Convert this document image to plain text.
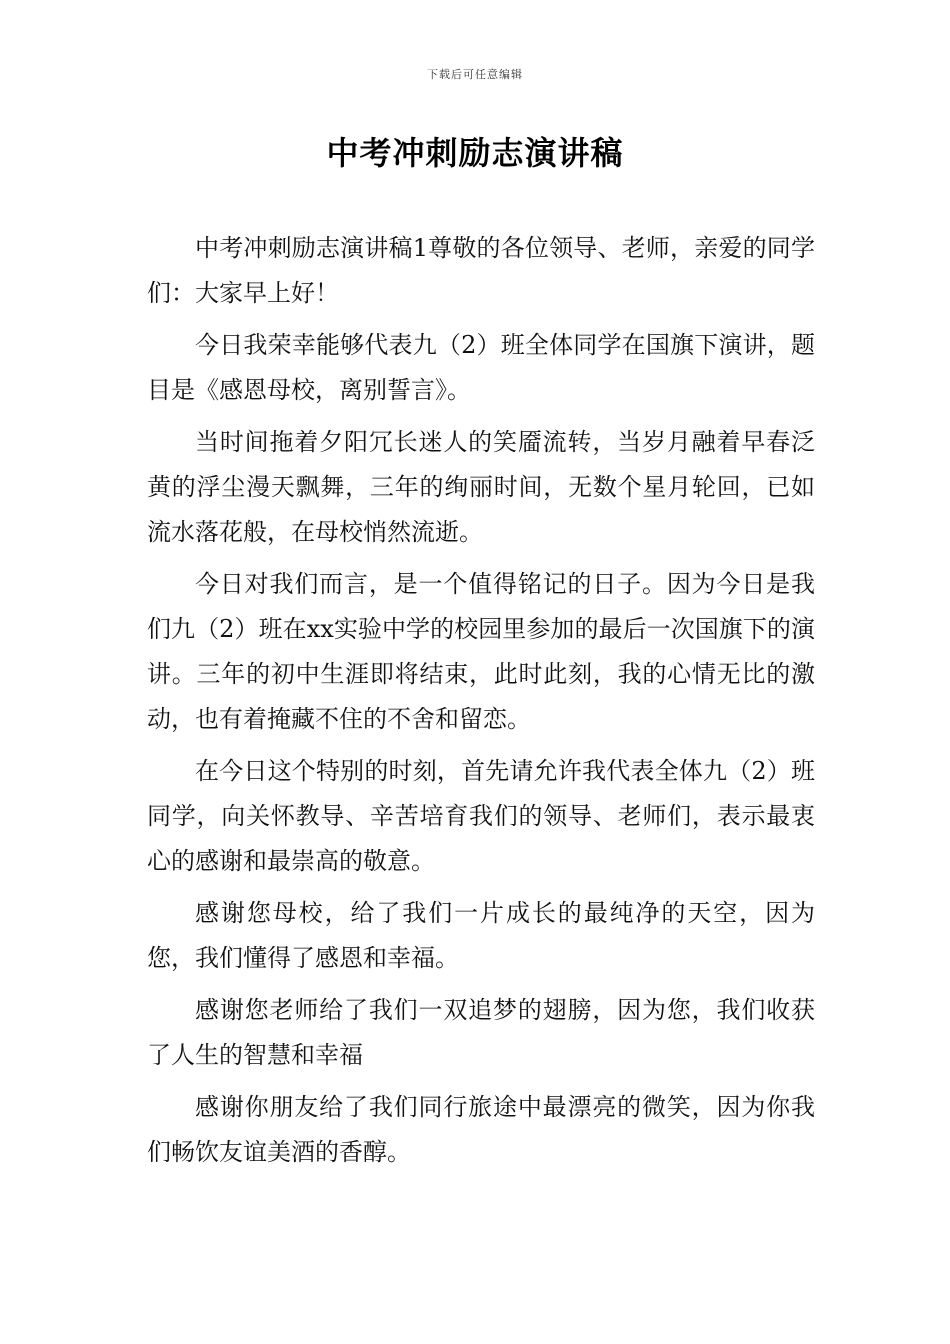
下载后可任意编辑
中考冲刺励志演讲稿

中考冲刺励志演讲稿1尊敬的各位领导、老师，亲爱的同学们：大家早上好！

今日我荣幸能够代表九（2）班全体同学在国旗下演讲，题目是《感恩母校，离别誓言》。

当时间拖着夕阳冗长迷人的笑靥流转，当岁月融着早春泛黄的浮尘漫天飘舞，三年的绚丽时间，无数个星月轮回，已如流水落花般，在母校悄然流逝。

今日对我们而言，是一个值得铭记的日子。因为今日是我们九（2）班在xx实验中学的校园里参加的最后一次国旗下的演讲。三年的初中生涯即将结束，此时此刻，我的心情无比的激动，也有着掩藏不住的不舍和留恋。

在今日这个特别的时刻，首先请允许我代表全体九（2）班同学，向关怀教导、辛苦培育我们的领导、老师们，表示最衷心的感谢和最崇高的敬意。

感谢您母校，给了我们一片成长的最纯净的天空，因为您，我们懂得了感恩和幸福。

感谢您老师给了我们一双追梦的翅膀，因为您，我们收获了人生的智慧和幸福

感谢你朋友给了我们同行旅途中最漂亮的微笑，因为你我们畅饮友谊美酒的香醇。
